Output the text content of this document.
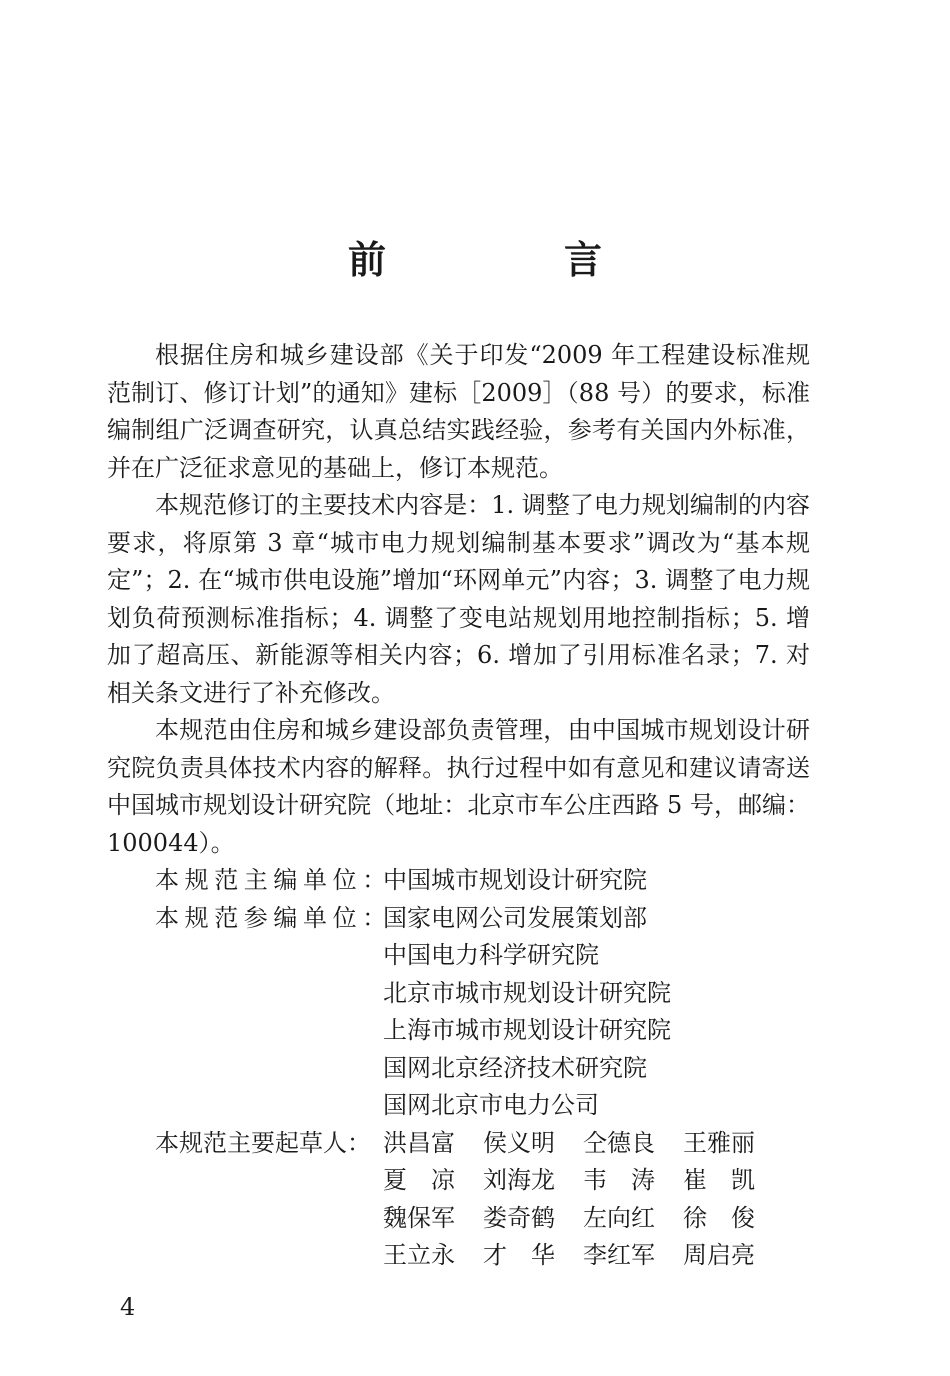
前　言

根据住房和城乡建设部《关于印发“2009 年工程建设标准规范制订、修订计划”的通知》建标［2009］（88 号）的要求，标准编制组广泛调查研究，认真总结实践经验，参考有关国内外标准，并在广泛征求意见的基础上，修订本规范。

本规范修订的主要技术内容是：1. 调整了电力规划编制的内容要求，将原第 3 章“城市电力规划编制基本要求”调改为“基本规定”；2. 在“城市供电设施”增加“环网单元”内容；3. 调整了电力规划负荷预测标准指标；4. 调整了变电站规划用地控制指标；5. 增加了超高压、新能源等相关内容；6. 增加了引用标准名录；7. 对相关条文进行了补充修改。

本规范由住房和城乡建设部负责管理，由中国城市规划设计研究院负责具体技术内容的解释。执行过程中如有意见和建议请寄送中国城市规划设计研究院（地址：北京市车公庄西路 5 号，邮编：100044）。

本规范主编单位：
中国城市规划设计研究院
本规范参编单位：
国家电网公司发展策划部
中国电力科学研究院
北京市城市规划设计研究院
上海市城市规划设计研究院
国网北京经济技术研究院
国网北京市电力公司
本规范主要起草人： 洪昌富	侯义明	仝德良	王雅丽
夏　凉	刘海龙	韦　涛	崔　凯
魏保军	娄奇鹤	左向红	徐　俊
王立永	才　华	李红军	周启亮
4
